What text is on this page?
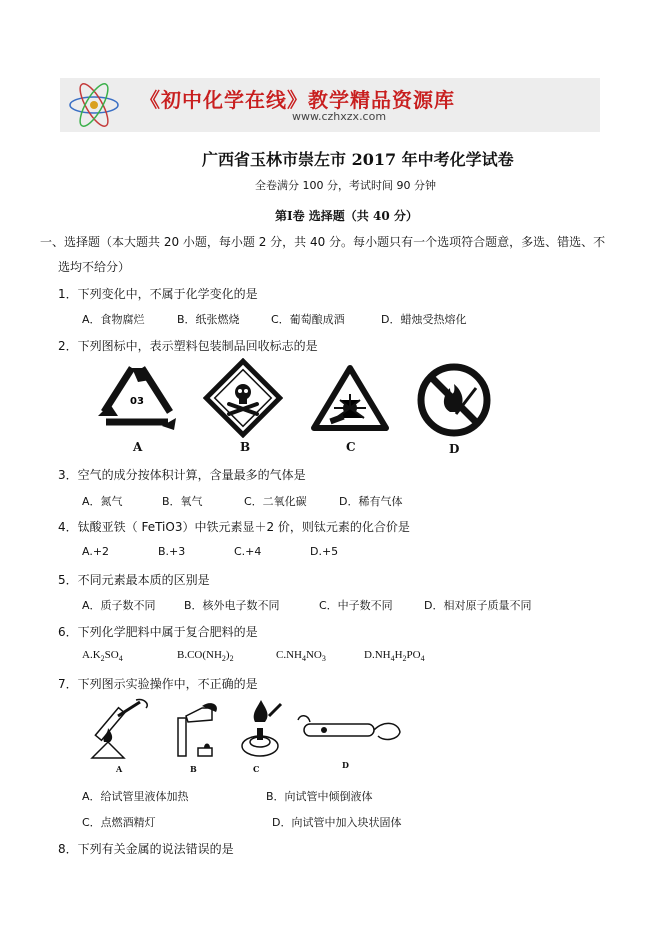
《初中化学在线》教学精品资源库
www.czhxzx.com
广西省玉林市崇左市 2017 年中考化学试卷
全卷满分 100 分，考试时间 90 分钟
第I卷 选择题（共 40 分）
一、选择题（本大题共 20 小题，每小题 2 分，共 40 分。每小题只有一个选项符合题意，多选、错选、不
选均不给分）
1．下列变化中，不属于化学变化的是
A．食物腐烂	B．纸张燃烧	C．葡萄酿成酒	D．蜡烛受热熔化
2．下列图标中，表示塑料包装制品回收标志的是
03
A	B	C	D
3．空气的成分按体积计算，含量最多的气体是
A．氮气	B．氧气	C．二氧化碳	D．稀有气体
4．钛酸亚铁（ FeTiO3）中铁元素显＋2 价，则钛元素的化合价是
A.+2	B.+3	C.+4	D.+5
5．不同元素最本质的区别是
A．质子数不同	B．核外电子数不同	C．中子数不同	D．相对原子质量不同
6．下列化学肥料中属于复合肥料的是
$A.K_2SO_4$	$B.CO(NH_2)_2$	$C.NH_4NO_3$	$D.NH_4H_2PO_4$
7．下列图示实验操作中，不正确的是
A	B	C	D
A．给试管里液体加热	B．向试管中倾倒液体
C．点燃酒精灯	D．向试管中加入块状固体
8．下列有关金属的说法错误的是
